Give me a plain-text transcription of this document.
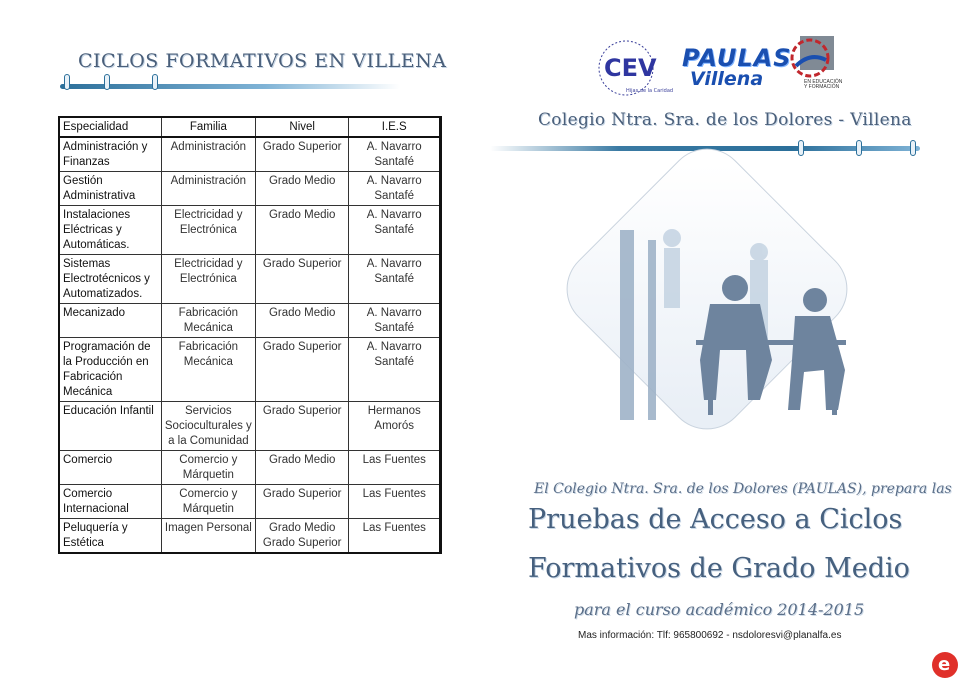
CICLOS FORMATIVOS EN VILLENA
Especialidad	Familia	Nivel	I.E.S
Administración y Finanzas	Administración	Grado Superior	A. Navarro Santafé
Gestión Administrativa	Administración	Grado Medio	A. Navarro Santafé
Instalaciones Eléctricas y Automáticas.	Electricidad y Electrónica	Grado Medio	A. Navarro Santafé
Sistemas Electrotécnicos y Automatizados.	Electricidad y Electrónica	Grado Superior	A. Navarro Santafé
Mecanizado	Fabricación Mecánica	Grado Medio	A. Navarro Santafé
Programación de la Producción en Fabricación Mecánica	Fabricación Mecánica	Grado Superior	A. Navarro Santafé
Educación Infantil	Servicios Socioculturales y a la Comunidad	Grado Superior	Hermanos Amorós
Comercio	Comercio y Márquetin	Grado Medio	Las Fuentes
Comercio Internacional	Comercio y Márquetin	Grado Superior	Las Fuentes
Peluquería y Estética	Imagen Personal	Grado Medio Grado Superior	Las Fuentes
CEV
Hijas de la Caridad
PAULAS
Villena	EN EDUCACIÓN Y FORMACIÓN
Colegio Ntra. Sra. de los Dolores - Villena
El Colegio Ntra. Sra. de los Dolores (PAULAS), prepara las
Pruebas de Acceso a Ciclos
Formativos de Grado Medio
para el curso académico 2014-2015
Mas información: Tlf: 965800692 - nsdoloresvi@planalfa.es
e
